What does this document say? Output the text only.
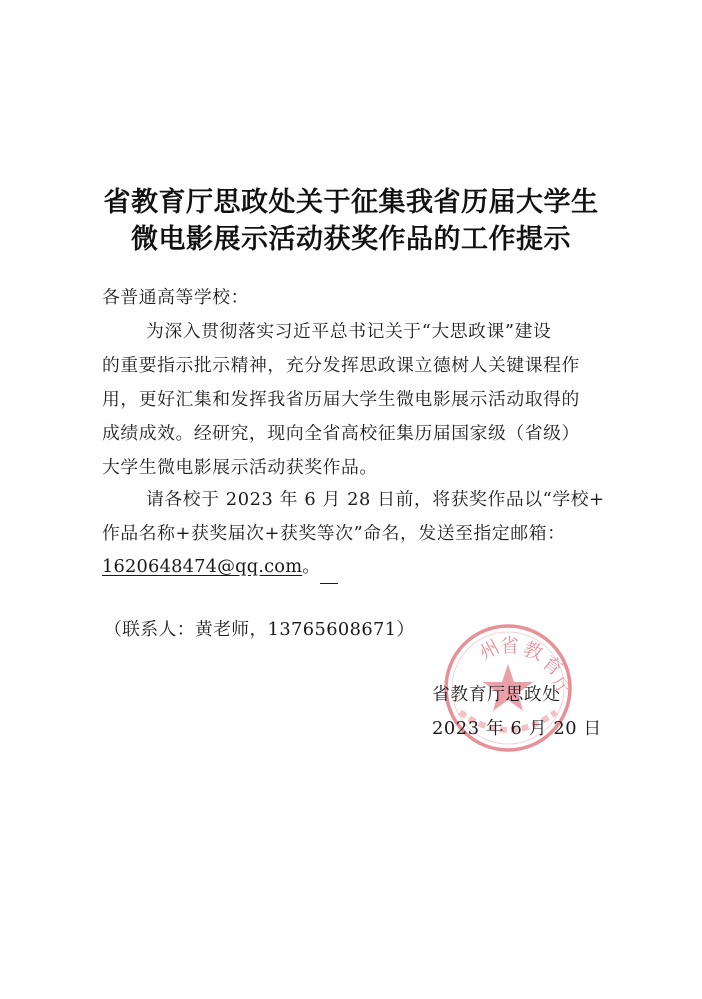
省教育厅思政处关于征集我省历届大学生
微电影展示活动获奖作品的工作提示
各普通高等学校：
为深入贯彻落实习近平总书记关于“大思政课”建设
的重要指示批示精神，充分发挥思政课立德树人关键课程作
用，更好汇集和发挥我省历届大学生微电影展示活动取得的
成绩成效。经研究，现向全省高校征集历届国家级（省级）
大学生微电影展示活动获奖作品。
请各校于 2023 年 6 月 28 日前，将获奖作品以“学校+
作品名称+获奖届次+获奖等次”命名，发送至指定邮箱：
1620648474@qq.com。
（联系人：黄老师，13765608671）
州
省 教
育
厅
省教育厅思政处
2023 年 6 月 20 日
